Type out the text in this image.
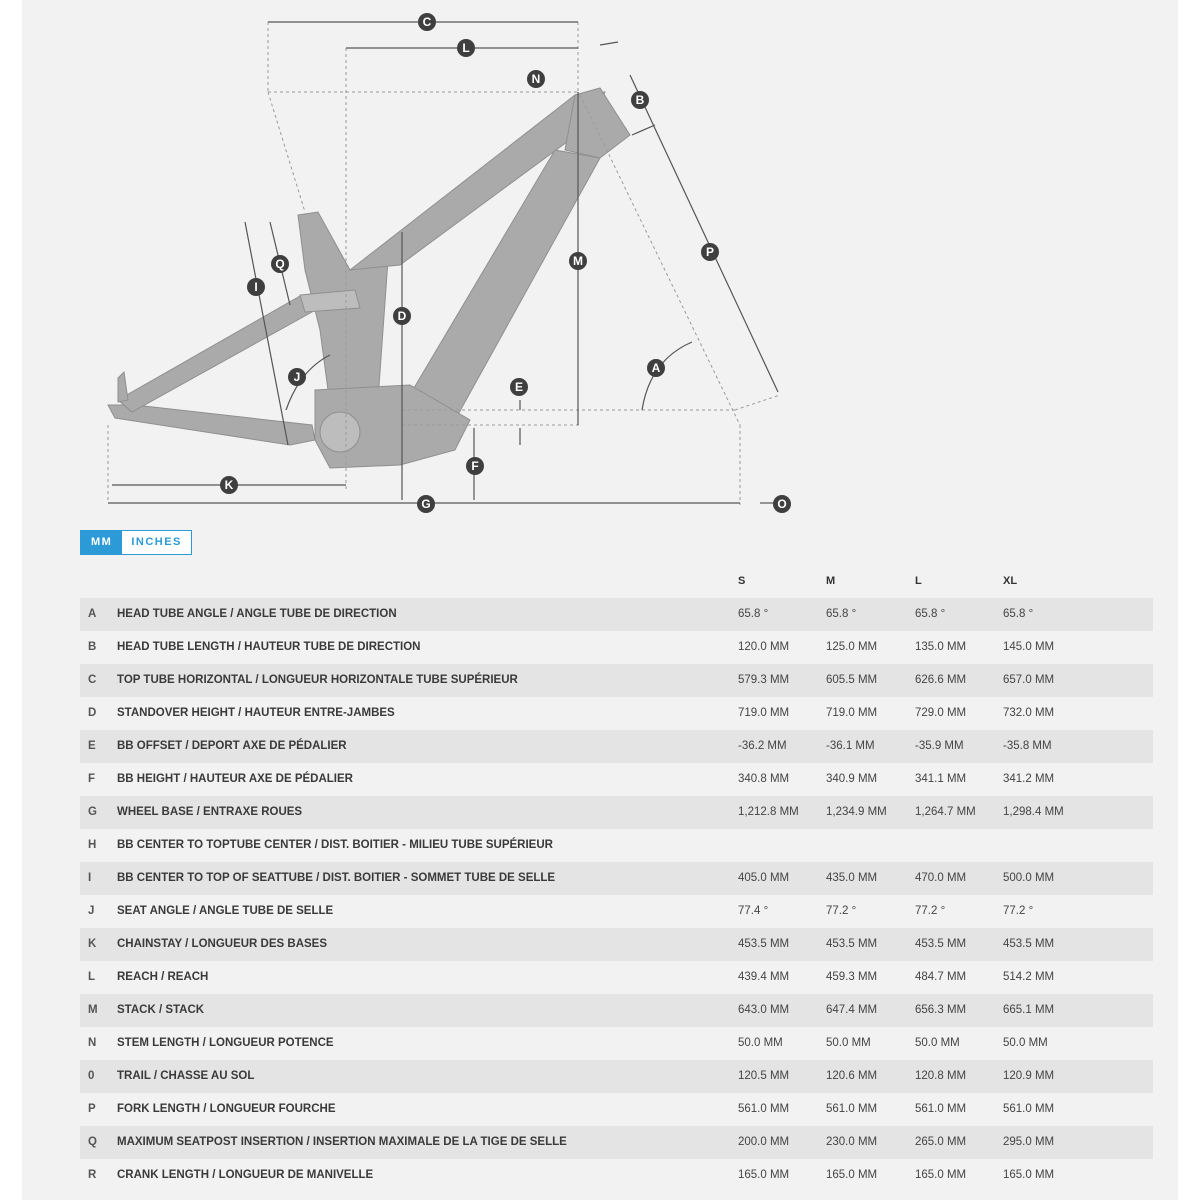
C
L
N
B
P
M
Q
I
D
A
J
E
F
K
G	O
MM	INCHES
S	M	L	XL
A HEAD TUBE ANGLE / ANGLE TUBE DE DIRECTION	65.8 °	65.8 °	65.8 °	65.8 °
B HEAD TUBE LENGTH / HAUTEUR TUBE DE DIRECTION	120.0 MM	125.0 MM	135.0 MM	145.0 MM
C TOP TUBE HORIZONTAL / LONGUEUR HORIZONTALE TUBE SUPÉRIEUR	579.3 MM	605.5 MM	626.6 MM	657.0 MM
D STANDOVER HEIGHT / HAUTEUR ENTRE-JAMBES	719.0 MM	719.0 MM	729.0 MM	732.0 MM
E BB OFFSET / DEPORT AXE DE PÉDALIER	-36.2 MM	-36.1 MM	-35.9 MM	-35.8 MM
F BB HEIGHT / HAUTEUR AXE DE PÉDALIER	340.8 MM	340.9 MM	341.1 MM	341.2 MM
G WHEEL BASE / ENTRAXE ROUES	1,212.8 MM 1,234.9 MM 1,264.7 MM 1,298.4 MM
H BB CENTER TO TOPTUBE CENTER / DIST. BOITIER - MILIEU TUBE SUPÉRIEUR
I BB CENTER TO TOP OF SEATTUBE / DIST. BOITIER - SOMMET TUBE DE SELLE	405.0 MM	435.0 MM	470.0 MM	500.0 MM
J SEAT ANGLE / ANGLE TUBE DE SELLE	77.4 °	77.2 °	77.2 °	77.2 °
K CHAINSTAY / LONGUEUR DES BASES	453.5 MM	453.5 MM	453.5 MM	453.5 MM
L REACH / REACH	439.4 MM	459.3 MM	484.7 MM	514.2 MM
M STACK / STACK	643.0 MM	647.4 MM	656.3 MM	665.1 MM
N STEM LENGTH / LONGUEUR POTENCE	50.0 MM	50.0 MM	50.0 MM	50.0 MM
0 TRAIL / CHASSE AU SOL	120.5 MM	120.6 MM	120.8 MM	120.9 MM
P FORK LENGTH / LONGUEUR FOURCHE	561.0 MM	561.0 MM	561.0 MM	561.0 MM
Q MAXIMUM SEATPOST INSERTION / INSERTION MAXIMALE DE LA TIGE DE SELLE	200.0 MM	230.0 MM	265.0 MM	295.0 MM
R CRANK LENGTH / LONGUEUR DE MANIVELLE	165.0 MM	165.0 MM	165.0 MM	165.0 MM
